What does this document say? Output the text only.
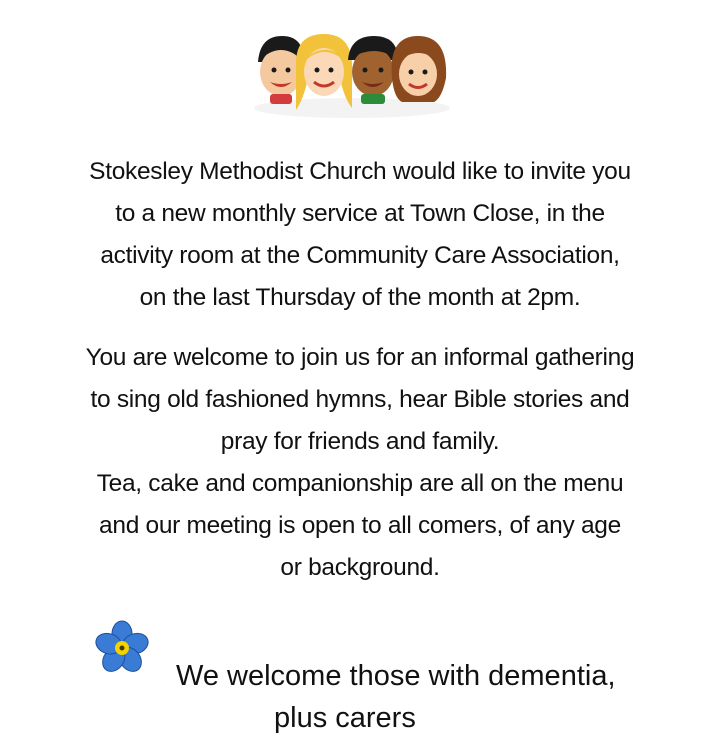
Stokesley Methodist Church would like to invite you
to a new monthly service at Town Close, in the
activity room at the Community Care Association,
on the last Thursday of the month at 2pm.

You are welcome to join us for an informal gathering
to sing old fashioned hymns, hear Bible stories and
pray for friends and family.
Tea, cake and companionship are all on the menu
and our meeting is open to all comers, of any age
or background.

We welcome those with dementia,

plus carers
